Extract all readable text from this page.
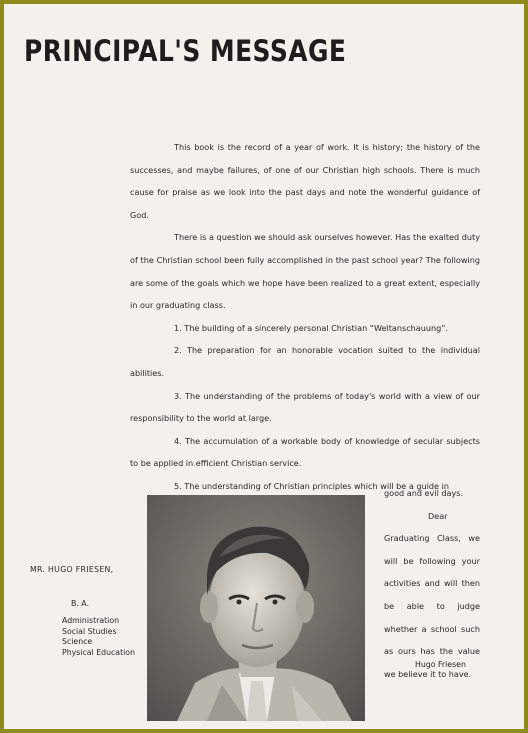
PRINCIPAL'S MESSAGE

This book is the record of a year of work. It is history; the history of the successes, and maybe failures, of one of our Christian high schools. There is much cause for praise as we look into the past days and note the wonderful guidance of God.

There is a question we should ask ourselves however. Has the exalted duty of the Christian school been fully accomplished in the past school year? The following are some of the goals which we hope have been realized to a great extent, especially in our graduating class.

1. The building of a sincerely personal Christian “Weltanschauung”.

2. The preparation for an honorable vocation suited to the individual abilities.

3. The understanding of the problems of today's world with a view of our responsibility to the world at large.

4. The accumulation of a workable body of knowledge of secular subjects to be applied in efficient Christian service.

5. The understanding of Christian principles which will be a guide in

good and evil days.

Dear Graduating Class, we will be following your activities and will then be able to judge whether a school such as ours has the value we believe it to have.

MR. HUGO FRIESEN,
B. A.
Administration
Social Studies
Science
Physical Education
Hugo Friesen
